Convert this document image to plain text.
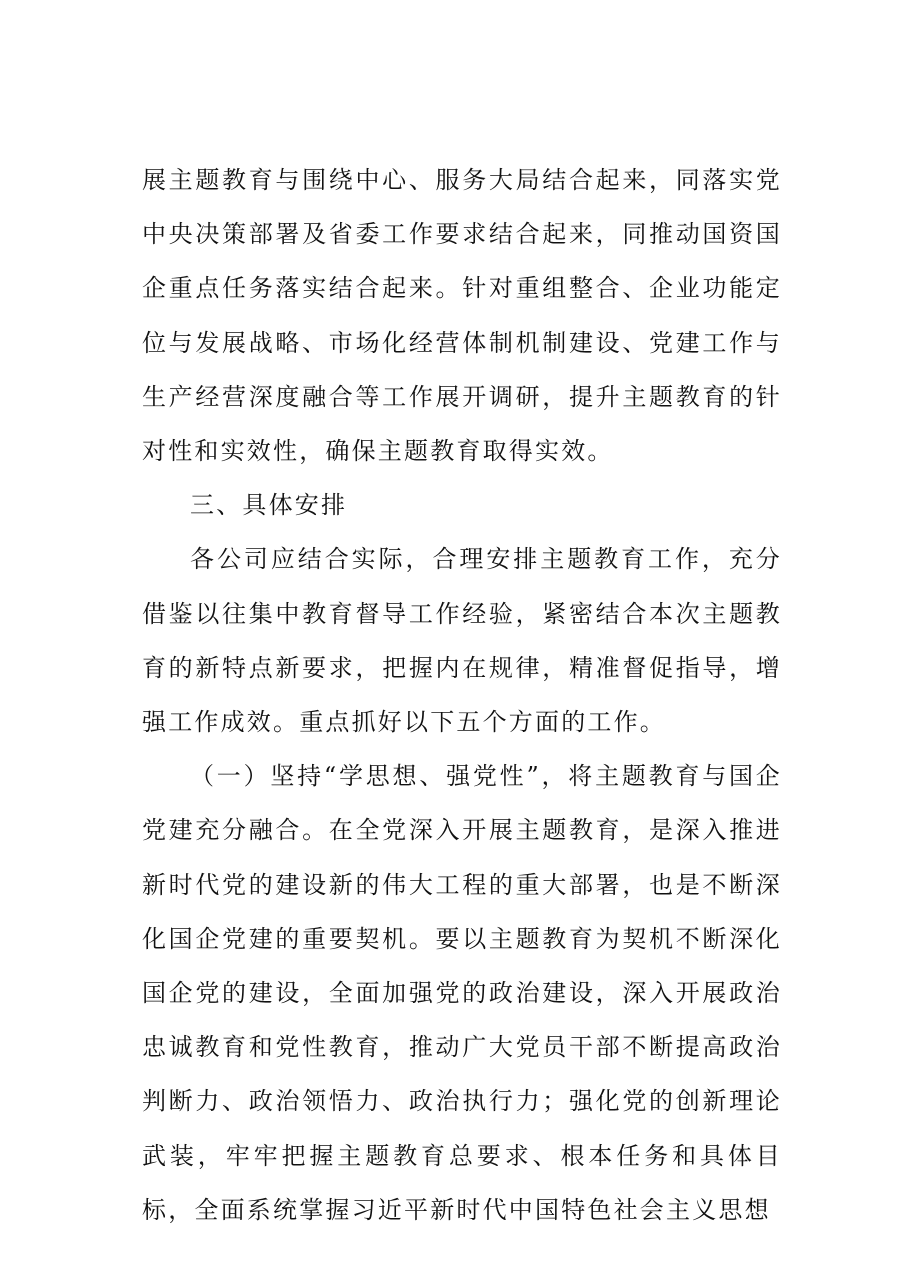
展主题教育与围绕中心、服务大局结合起来，同落实党中央决策部署及省委工作要求结合起来，同推动国资国企重点任务落实结合起来。针对重组整合、企业功能定位与发展战略、市场化经营体制机制建设、党建工作与生产经营深度融合等工作展开调研，提升主题教育的针对性和实效性，确保主题教育取得实效。

三、具体安排

各公司应结合实际，合理安排主题教育工作，充分借鉴以往集中教育督导工作经验，紧密结合本次主题教育的新特点新要求，把握内在规律，精准督促指导，增强工作成效。重点抓好以下五个方面的工作。

（一）坚持“学思想、强党性”，将主题教育与国企党建充分融合。在全党深入开展主题教育，是深入推进新时代党的建设新的伟大工程的重大部署，也是不断深化国企党建的重要契机。要以主题教育为契机不断深化国企党的建设，全面加强党的政治建设，深入开展政治忠诚教育和党性教育，推动广大党员干部不断提高政治判断力、政治领悟力、政治执行力；强化党的创新理论武装，牢牢把握主题教育总要求、根本任务和具体目标，全面系统掌握习近平新时代中国特色社会主义思想
